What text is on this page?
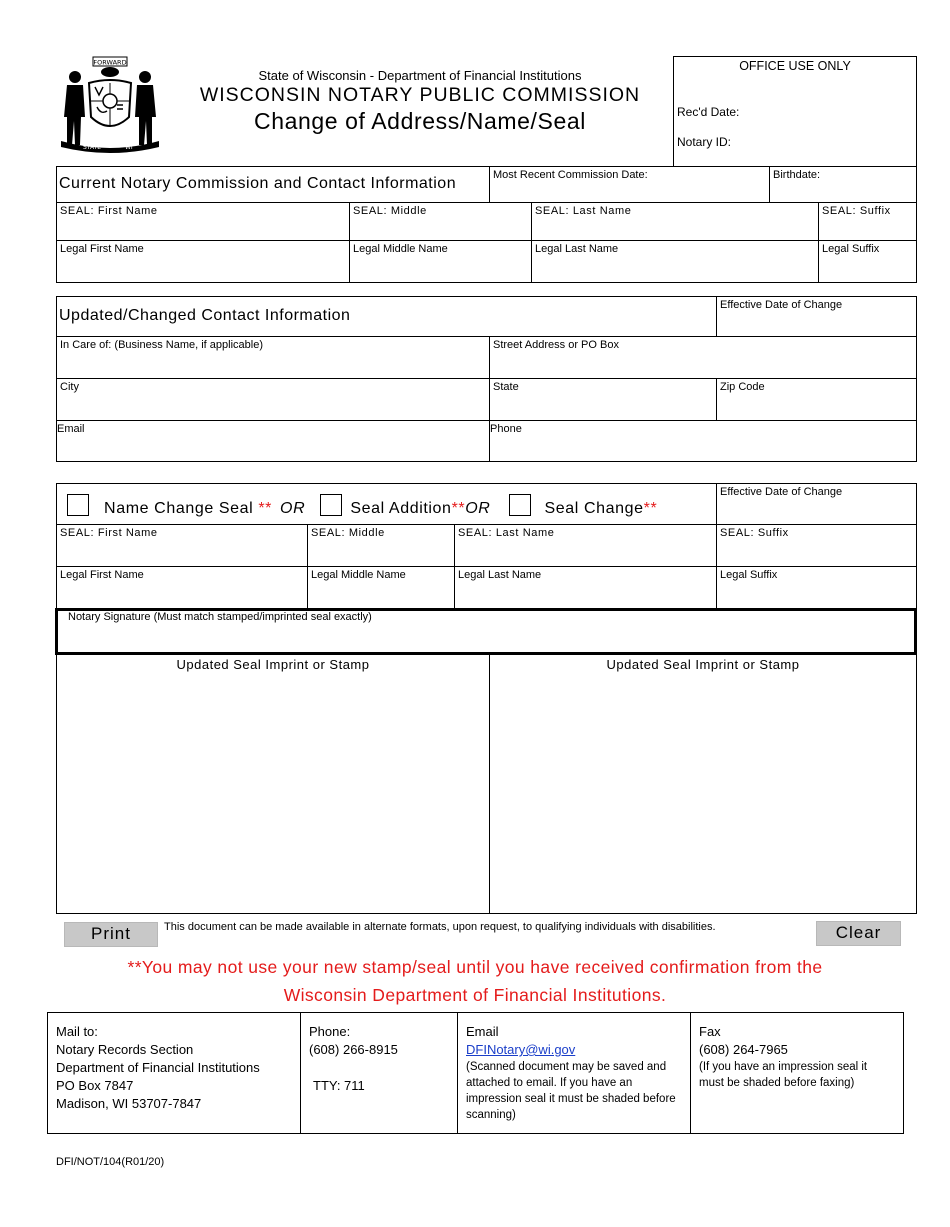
FORWARD
STATE	WI
State of Wisconsin - Department of Financial Institutions
WISCONSIN NOTARY PUBLIC COMMISSION
Change of Address/Name/Seal
OFFICE USE ONLY
Rec'd Date:
Notary ID:
Current Notary Commission and Contact Information	Most Recent Commission Date:	Birthdate:
SEAL: First Name	SEAL: Middle	SEAL: Last Name	SEAL: Suffix
Legal First Name	Legal Middle Name	Legal Last Name	Legal Suffix
Updated/Changed Contact Information
Effective Date of Change
In Care of: (Business Name, if applicable)	Street Address or PO Box
City	State	Zip Code
Email	Phone
Name Change Seal ** OR	Seal Addition**OR	Seal Change**
Effective Date of Change
SEAL: First Name	SEAL: Middle	SEAL: Last Name	SEAL: Suffix
Legal First Name	Legal Middle Name	Legal Last Name	Legal Suffix
Notary Signature (Must match stamped/imprinted seal exactly)
Updated Seal Imprint or Stamp	Updated Seal Imprint or Stamp
Print	This document can be made available in alternate formats, upon request, to qualifying individuals with disabilities.	Clear
**You may not use your new stamp/seal until you have received confirmation from the
Wisconsin Department of Financial Institutions.
Mail to:
Notary Records Section
Department of Financial Institutions
PO Box 7847
Madison, WI 53707-7847
Phone:
(608) 266-8915
TTY: 711
Email
DFINotary@wi.gov
(Scanned document may be saved and attached to email. If you have an impression seal it must be shaded before scanning)
Fax
(608) 264-7965
(If you have an impression seal it must be shaded before faxing)
DFI/NOT/104(R01/20)
